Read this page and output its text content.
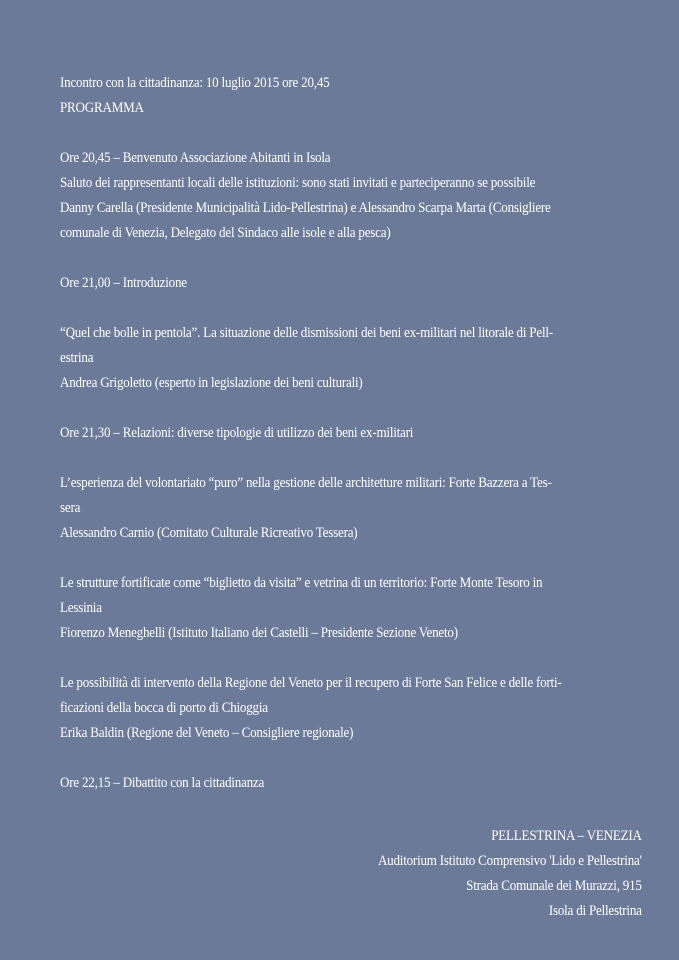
Incontro con la cittadinanza: 10 luglio 2015 ore 20,45
PROGRAMMA
Ore 20,45 – Benvenuto Associazione Abitanti in Isola
Saluto dei rappresentanti locali delle istituzioni: sono stati invitati e parteciperanno se possibile
Danny Carella (Presidente Municipalità Lido-Pellestrina) e Alessandro Scarpa Marta (Consigliere
comunale di Venezia, Delegato del Sindaco alle isole e alla pesca)
Ore 21,00 – Introduzione
“Quel che bolle in pentola”. La situazione delle dismissioni dei beni ex-militari nel litorale di Pell-
estrina
Andrea Grigoletto (esperto in legislazione dei beni culturali)
Ore 21,30 – Relazioni: diverse tipologie di utilizzo dei beni ex-militari
L’esperienza del volontariato “puro” nella gestione delle architetture militari: Forte Bazzera a Tes-
sera
Alessandro Carnio (Comitato Culturale Ricreativo Tessera)
Le strutture fortificate come “biglietto da visita” e vetrina di un territorio: Forte Monte Tesoro in
Lessinia
Fiorenzo Meneghelli (Istituto Italiano dei Castelli – Presidente Sezione Veneto)
Le possibilità di intervento della Regione del Veneto per il recupero di Forte San Felice e delle forti-
ficazioni della bocca di porto di Chioggia
Erika Baldin (Regione del Veneto – Consigliere regionale)
Ore 22,15 – Dibattito con la cittadinanza
PELLESTRINA – VENEZIA
Auditorium Istituto Comprensivo 'Lido e Pellestrina'
Strada Comunale dei Murazzi, 915
Isola di Pellestrina
